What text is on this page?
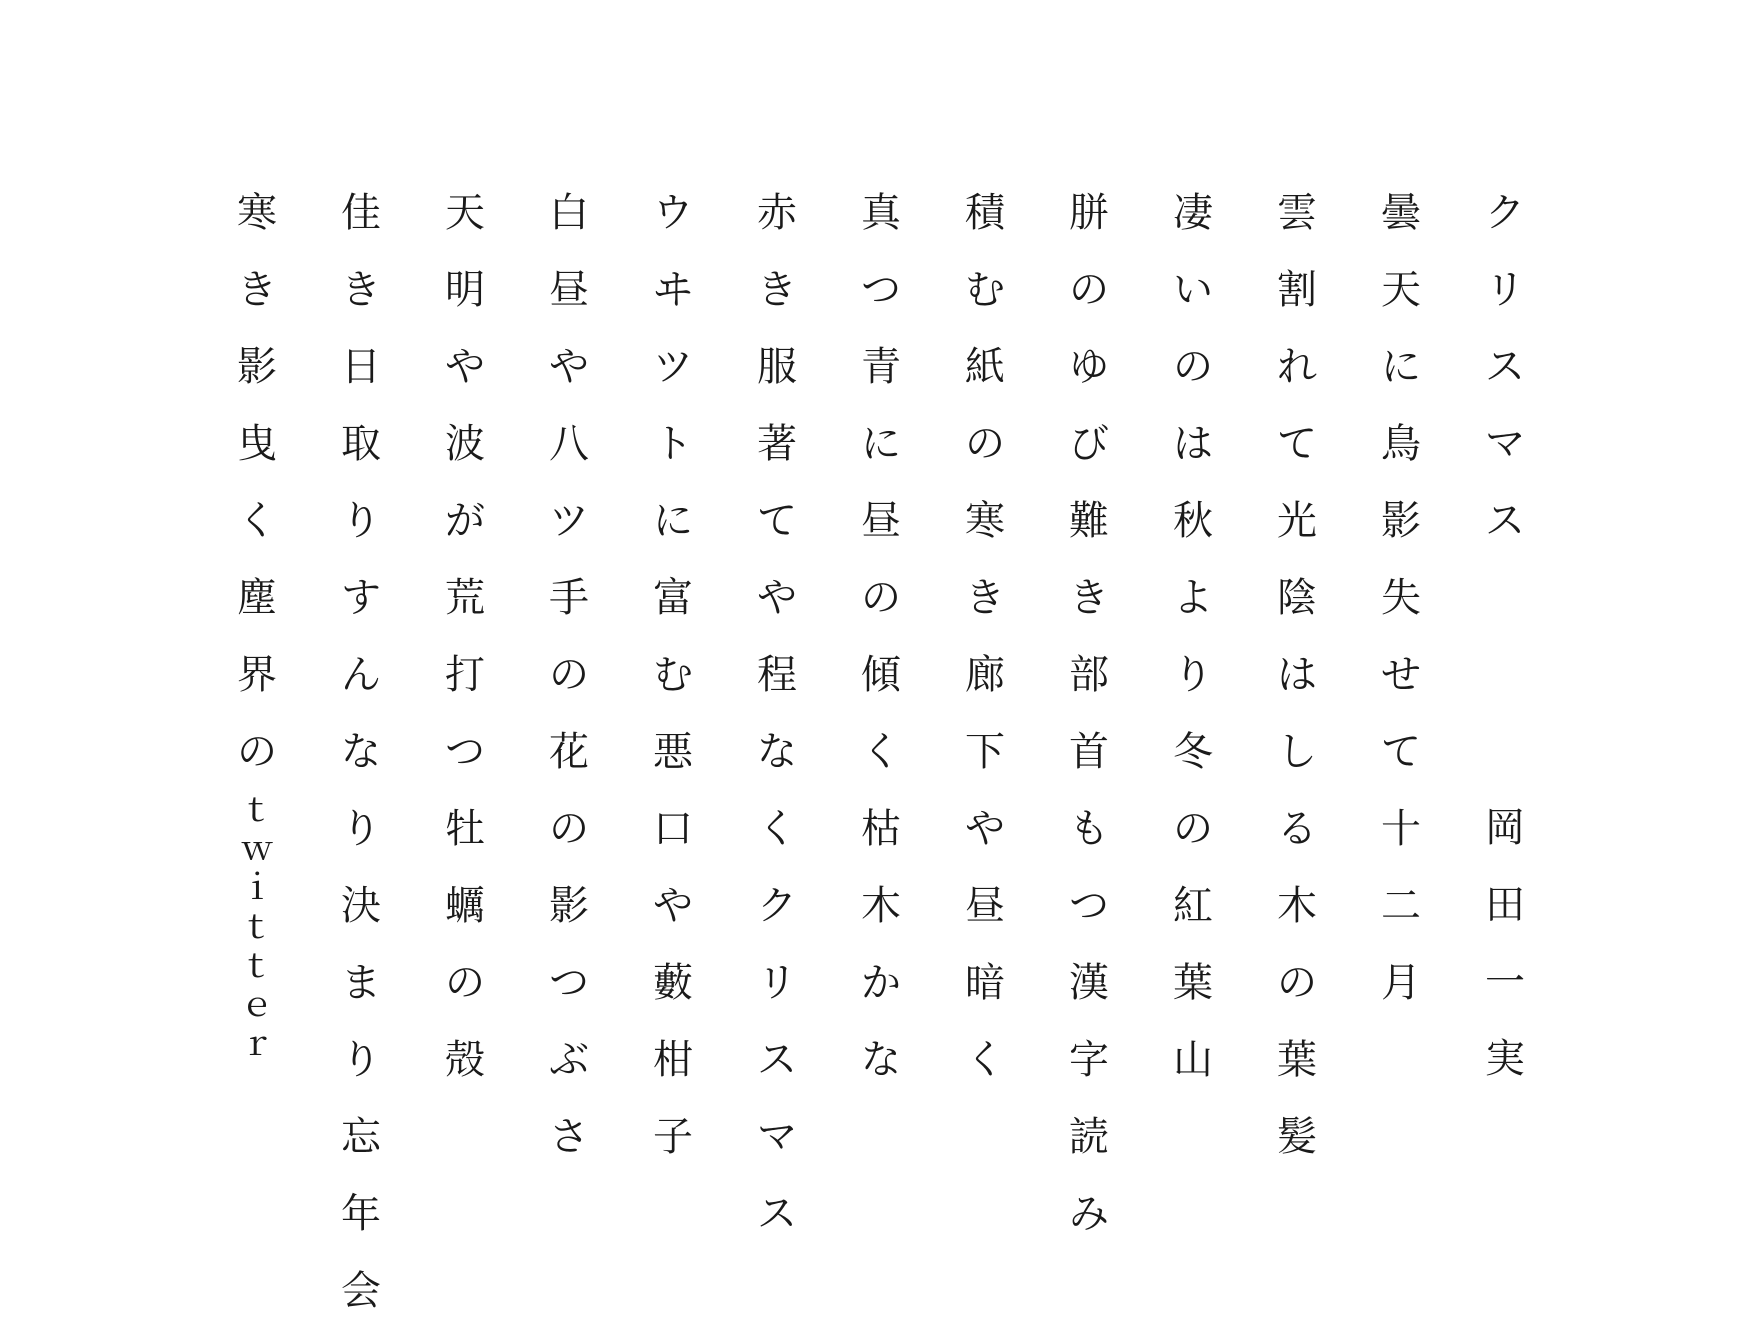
ク
リ
ス
マ
ス
岡
田
一
実
曇
天
に
鳥
影
失
せ
て
十
二
月
雲
割
れ
て
光
陰
は
し
る
木
の
葉
髪
凄
い
の
は
秋
よ
り
冬
の
紅
葉
山
胼
の
ゆ
び
難
き
部
首
も
つ
漢
字
読
み
積
む
紙
の
寒
き
廊
下
や
昼
暗
く
真
つ
青
に
昼
の
傾
く
枯
木
か
な
赤
き
服
著
て
や
程
な
く
ク
リ
ス
マ
ス
ウ
ヰ
ツ
ト
に
富
む
悪
口
や
藪
柑
子
白
昼
や
八
ツ
手
の
花
の
影
つ
ぶ
さ
天
明
や
波
が
荒
打
つ
牡
蠣
の
殻
佳
き
日
取
り
す
ん
な
り
決
ま
り
忘
年
会
寒
き
影
曳
く
塵
界
の
ｔ
ｗ
ｉ
ｔ
ｔ
ｅ
ｒ
